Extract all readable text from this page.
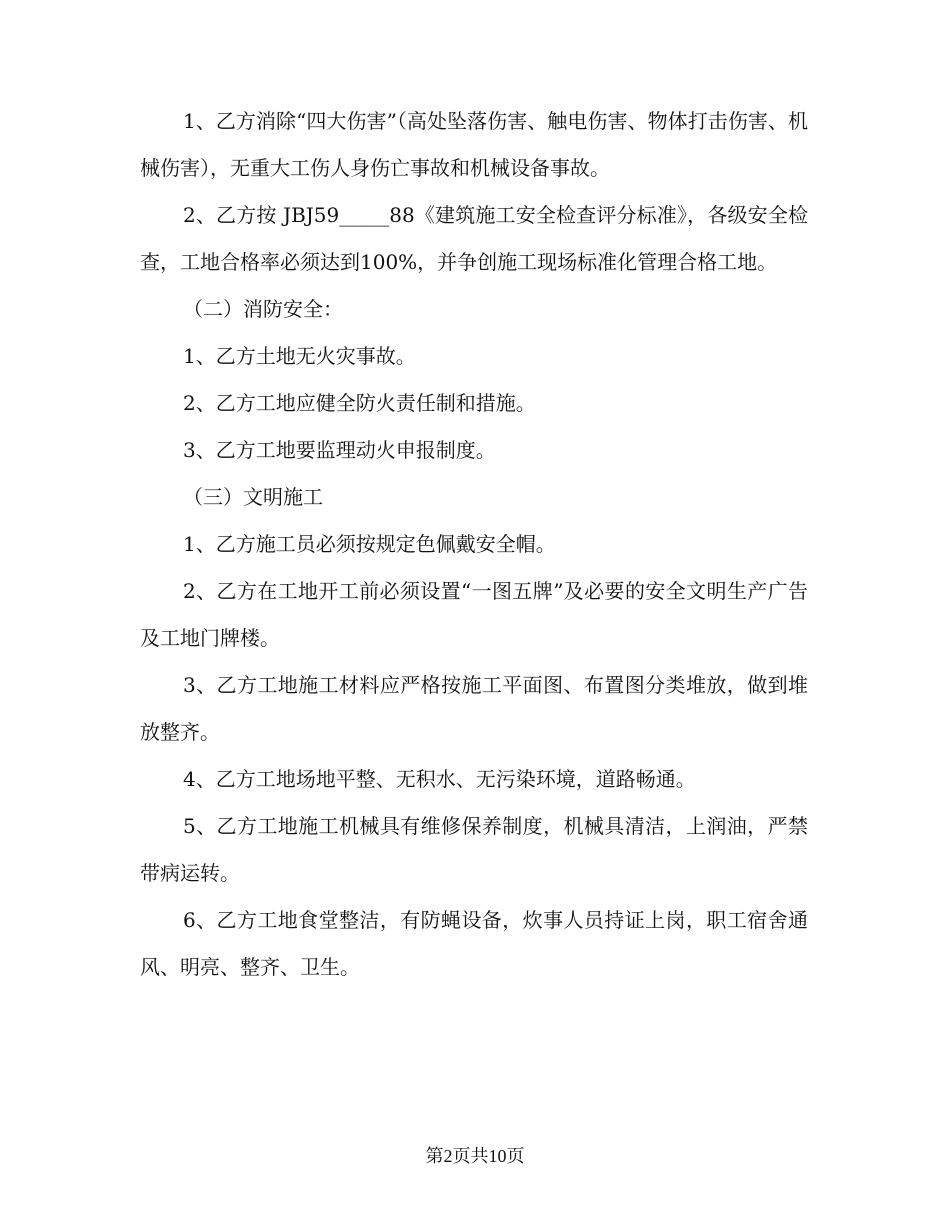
1、乙方消除“四大伤害”（高处坠落伤害、触电伤害、物体打击伤害、机械伤害），无重大工伤人身伤亡事故和机械设备事故。

2、乙方按 JBJ59_____88《建筑施工安全检查评分标准》，各级安全检查，工地合格率必须达到100%，并争创施工现场标准化管理合格工地。

（二）消防安全：

1、乙方土地无火灾事故。

2、乙方工地应健全防火责任制和措施。

3、乙方工地要监理动火申报制度。

（三）文明施工

1、乙方施工员必须按规定色佩戴安全帽。

2、乙方在工地开工前必须设置“一图五牌”及必要的安全文明生产广告及工地门牌楼。

3、乙方工地施工材料应严格按施工平面图、布置图分类堆放，做到堆放整齐。

4、乙方工地场地平整、无积水、无污染环境，道路畅通。

5、乙方工地施工机械具有维修保养制度，机械具清洁，上润油，严禁带病运转。

6、乙方工地食堂整洁，有防蝇设备，炊事人员持证上岗，职工宿舍通风、明亮、整齐、卫生。

第2页共10页
